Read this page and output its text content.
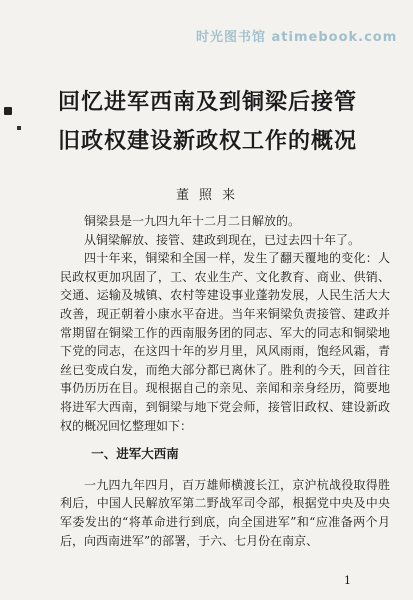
时光图书馆 atimebook.com
回忆进军西南及到铜梁后接管
旧政权建设新政权工作的概况
董照来

铜梁县是一九四九年十二月二日解放的。

从铜梁解放、接管、建政到现在，已过去四十年了。

四十年来，铜梁和全国一样，发生了翻天覆地的变化：人民政权更加巩固了，工、农业生产、文化教育、商业、供销、交通、运输及城镇、农村等建设事业蓬勃发展，人民生活大大改善，现正朝着小康水平奋进。当年来铜梁负责接管、建政并常期留在铜梁工作的西南服务团的同志、军大的同志和铜梁地下党的同志，在这四十年的岁月里，风风雨雨，饱经风霜，青丝已变成白发，而绝大部分都已离休了。胜利的今天，回首往事仍历历在目。现根据自己的亲见、亲闻和亲身经历，简要地将进军大西南，到铜梁与地下党会师，接管旧政权、建设新政权的概况回忆整理如下：

一、进军大西南

一九四九年四月，百万雄师横渡长江，京沪杭战役取得胜利后，中国人民解放军第二野战军司令部，根据党中央及中央军委发出的“将革命进行到底，向全国进军”和“应准备两个月后，向西南进军”的部署，于六、七月份在南京、

1
